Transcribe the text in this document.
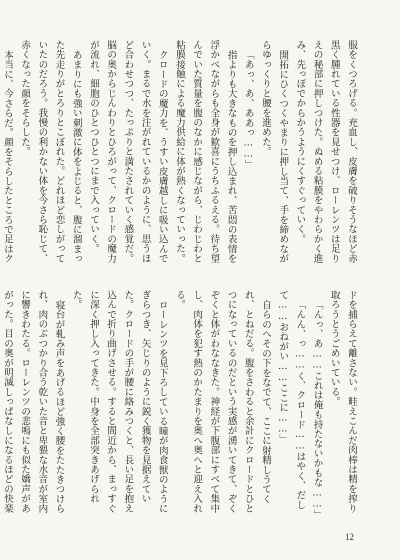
服をくつろげる。充血し、皮膚を破りそうなほど赤黒く腫れている性器を見せつけ、ローレンツは足りえの秘部に押しつけた。ぬめる粘膜をやわらかく進み、先っぽでからかうようにくすぐっていく。

開拓にひくつくやまりに押し当て、手を締めながらゆっくりと腰を進めた。

「あっ、あ、ああっ……」

指よりも大きなものを押し込まれ、苦悶の表情を浮かべながらも全身が歓喜にうちふるえる。待ち望んでいた質量を腹のなかに感じながら、じわじわと粘膜接触による魔力供給に体が熱くなっていった。

クロードの魔力を、うすい皮膚越しに吸い込んでいく。まるで水を注がれているかのように、思うほど合わせつつ、たっぷりと満たされていく感覚だ。脳の奥からじんわりとひろがって、クロードの魔力が流れ、細胞のひとつひとつにまで入っていく。

あまりにも強い刺激に体をよじると、腹に溜まった先走りがとろりとこぼれた。どれほど恋しがっていたのだろう。我慢の利かない体を今さら恥じて、赤くなった顔をそらした。

本当に、今さらだ。顔をそらしたところで足はク

ドを捕らえて離さない。畦えこんだ肉棒は精を搾り取ろうとうごめいている。

「んっ、あ……これは俺も持たないかもな……」

「んん、っ……く、クロード……はやく、だして……おねがい……ここに……」

自らのへその下をなでて、ここに射精しうてくれ、とねだる。腹をさわると余計にクロードとひとつになっているのだという実感が湧いてきて、ぞくぞくと体がわななきた。神経が下腹部にすべて集中し、肉体を犯す熱のかたまりを奥へ奥へと迎え入れる。

ローレンツを見下ろしている瞳が肉食獣のようにぎらつき、矢じりのように鋭く獲物を見据えていた。クロードの手が腰に絡みつくと、長い足を抱え込んで折り曲げさせる。すると間近から、まっすぐに深く押し入ってきた。中身を全部突きあげられた。

寝台が軋み声をあげるほど強く腰をたたきつけられ、肉のぶつかり合う乾いた音と卑猥な水音が室内に響きわたる。ローレンツの悲鳴にも似た嬌声があがった。目の奥が明滅しっぱなしになるほどの快楽

12
